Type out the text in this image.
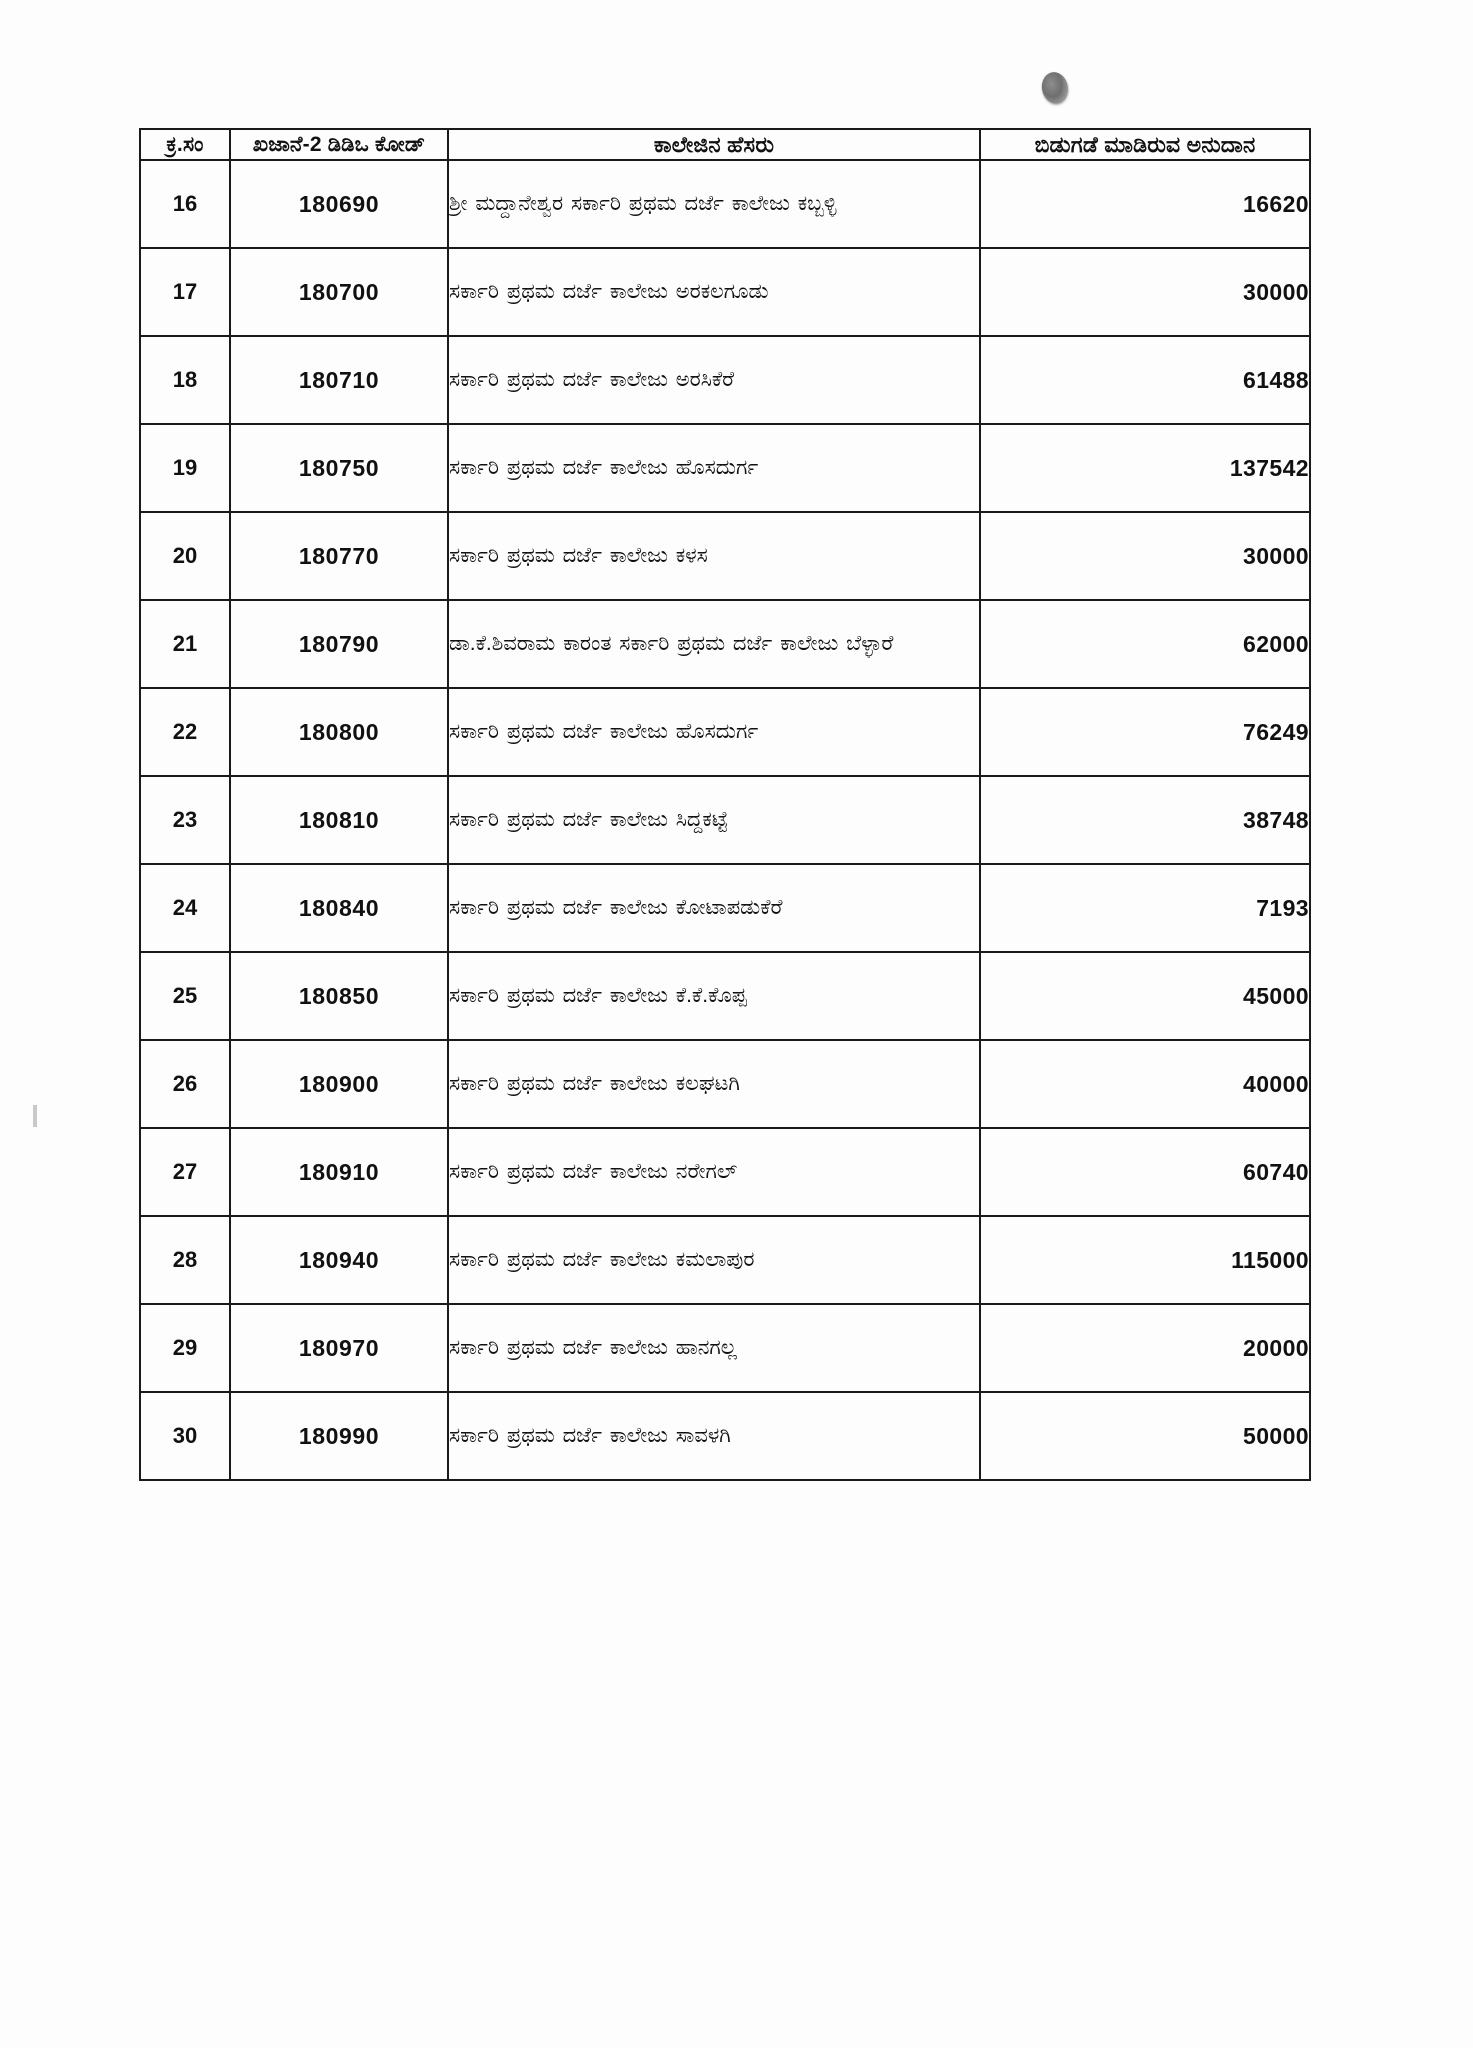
ಕ್ರ.ಸಂ	ಖಜಾನೆ-2 ಡಿಡಿಒ ಕೋಡ್	ಕಾಲೇಜಿನ ಹೆಸರು	ಬಿಡುಗಡೆ ಮಾಡಿರುವ ಅನುದಾನ
16	180690	ಶ್ರೀ ಮದ್ದಾನೇಶ್ವರ ಸರ್ಕಾರಿ ಪ್ರಥಮ ದರ್ಜೆ ಕಾಲೇಜು ಕಬ್ಬಳ್ಳಿ	16620
17	180700	ಸರ್ಕಾರಿ ಪ್ರಥಮ ದರ್ಜೆ ಕಾಲೇಜು ಅರಕಲಗೂಡು	30000
18	180710	ಸರ್ಕಾರಿ ಪ್ರಥಮ ದರ್ಜೆ ಕಾಲೇಜು ಅರಸಿಕೆರೆ	61488
19	180750	ಸರ್ಕಾರಿ ಪ್ರಥಮ ದರ್ಜೆ ಕಾಲೇಜು ಹೊಸದುರ್ಗ	137542
20	180770	ಸರ್ಕಾರಿ ಪ್ರಥಮ ದರ್ಜೆ ಕಾಲೇಜು ಕಳಸ	30000
21	180790	ಡಾ.ಕೆ.ಶಿವರಾಮ ಕಾರಂತ ಸರ್ಕಾರಿ ಪ್ರಥಮ ದರ್ಜೆ ಕಾಲೇಜು ಬೆಳ್ಳಾರೆ	62000
22	180800	ಸರ್ಕಾರಿ ಪ್ರಥಮ ದರ್ಜೆ ಕಾಲೇಜು ಹೊಸದುರ್ಗ	76249
23	180810	ಸರ್ಕಾರಿ ಪ್ರಥಮ ದರ್ಜೆ ಕಾಲೇಜು ಸಿದ್ದಕಟ್ಟೆ	38748
24	180840	ಸರ್ಕಾರಿ ಪ್ರಥಮ ದರ್ಜೆ ಕಾಲೇಜು ಕೋಟಾಪಡುಕೆರೆ	7193
25	180850	ಸರ್ಕಾರಿ ಪ್ರಥಮ ದರ್ಜೆ ಕಾಲೇಜು ಕೆ.ಕೆ.ಕೊಪ್ಪ	45000
26	180900	ಸರ್ಕಾರಿ ಪ್ರಥಮ ದರ್ಜೆ ಕಾಲೇಜು ಕಲಘಟಗಿ	40000
27	180910	ಸರ್ಕಾರಿ ಪ್ರಥಮ ದರ್ಜೆ ಕಾಲೇಜು ನರೇಗಲ್	60740
28	180940	ಸರ್ಕಾರಿ ಪ್ರಥಮ ದರ್ಜೆ ಕಾಲೇಜು ಕಮಲಾಪುರ	115000
29	180970	ಸರ್ಕಾರಿ ಪ್ರಥಮ ದರ್ಜೆ ಕಾಲೇಜು ಹಾನಗಲ್ಲ	20000
30	180990	ಸರ್ಕಾರಿ ಪ್ರಥಮ ದರ್ಜೆ ಕಾಲೇಜು ಸಾವಳಗಿ	50000
